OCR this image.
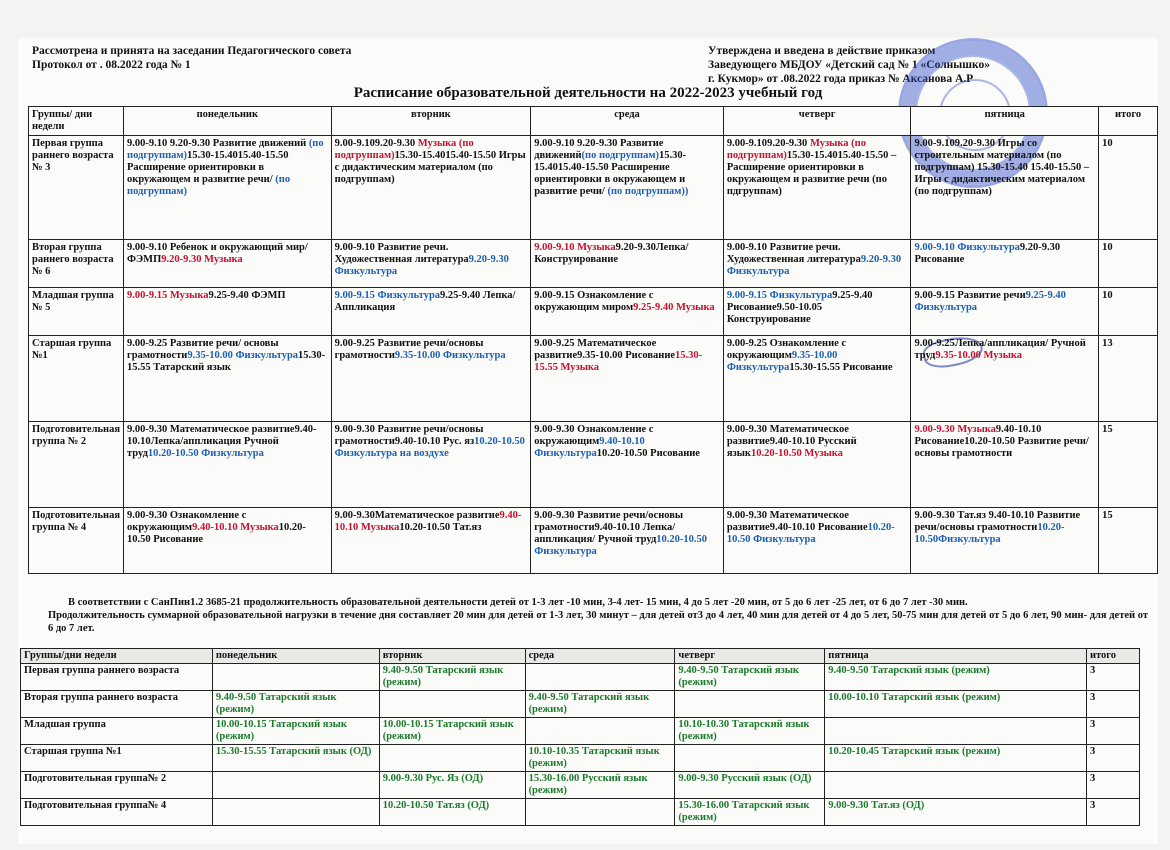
Рассмотрена и принята на заседании Педагогического совета
Протокол от . 08.2022 года № 1
Утверждена и введена в действие приказом
Заведующего МБДОУ «Детский сад № 1 «Солнышко»
г. Кукмор» от .08.2022 года приказ № Аксанова А.Р
Расписание образовательной деятельности на 2022-2023 учебный год
Группы/ дни недели	понедельник	вторник	среда	четверг	пятница	итого
Первая группа раннего возраста № 3	9.00-9.10 9.20-9.30 Развитие движений (по подгруппам)15.30-15.4015.40-15.50 Расширение ориентировки в окружающем и развитие речи/ (по подгруппам)	9.00-9.109.20-9.30 Музыка (по подгруппам)15.30-15.4015.40-15.50 Игры с дидактическим материалом (по подгруппам)	9.00-9.10 9.20-9.30 Развитие движений(по подгруппам)15.30-15.4015.40-15.50 Расширение ориентировки в окружающем и развитие речи/ (по подгруппам))	9.00-9.109.20-9.30 Музыка (по подгруппам)15.30-15.4015.40-15.50 – Расширение ориентировки в окружающем и развитие речи (по пдгруппам)	9.00-9.109.20-9.30 Игры со строительным материалом (по подгруппам) 15.30-15.40 15.40-15.50 –Игры с дидактическим материалом (по подгруппам)	10
Вторая группа раннего возраста № 6	9.00-9.10 Ребенок и окружающий мир/ ФЭМП9.20-9.30 Музыка	9.00-9.10 Развитие речи. Художественная литература9.20-9.30 Физкультура	9.00-9.10 Музыка9.20-9.30Лепка/Конструирование	9.00-9.10 Развитие речи. Художественная литература9.20-9.30 Физкультура	9.00-9.10 Физкультура9.20-9.30 Рисование	10
Младшая группа № 5	9.00-9.15 Музыка9.25-9.40 ФЭМП	9.00-9.15 Физкультура9.25-9.40 Лепка/Аппликация	9.00-9.15 Ознакомление с окружающим миром9.25-9.40 Музыка	9.00-9.15 Физкультура9.25-9.40 Рисование9.50-10.05 Конструирование	9.00-9.15 Развитие речи9.25-9.40 Физкультура	10
Старшая группа №1	9.00-9.25 Развитие речи/ основы грамотности9.35-10.00 Физкультура15.30-15.55 Татарский язык	9.00-9.25 Развитие речи/основы грамотности9.35-10.00 Физкультура	9.00-9.25 Математическое развитие9.35-10.00 Рисование15.30-15.55 Музыка	9.00-9.25 Ознакомление с окружающим9.35-10.00 Физкультура15.30-15.55 Рисование	9.00-9.25Лепка/аппликация/ Ручной труд9.35-10.00 Музыка	13
Подготовительная группа № 2	9.00-9.30 Математическое развитие9.40-10.10Лепка/аппликация Ручной труд10.20-10.50 Физкультура	9.00-9.30 Развитие речи/основы грамотности9.40-10.10 Рус. яз10.20-10.50 Физкультура на воздухе	9.00-9.30 Ознакомление с окружающим9.40-10.10 Физкультура10.20-10.50 Рисование	9.00-9.30 Математическое развитие9.40-10.10 Русский язык10.20-10.50 Музыка	9.00-9.30 Музыка9.40-10.10 Рисование10.20-10.50 Развитие речи/основы грамотности	15
Подготовительная группа № 4	9.00-9.30 Ознакомление с окружающим9.40-10.10 Музыка10.20-10.50 Рисование	9.00-9.30Математическое развитие9.40-10.10 Музыка10.20-10.50 Тат.яз	9.00-9.30 Развитие речи/основы грамотности9.40-10.10 Лепка/аппликация/ Ручной труд10.20-10.50 Физкультура	9.00-9.30 Математическое развитие9.40-10.10 Рисование10.20-10.50 Физкультура	9.00-9.30 Тат.яз 9.40-10.10 Развитие речи/основы грамотности10.20-10.50Физкультура	15
В соответствии с СанПин1.2 3685-21 продолжительность образовательной деятельности детей от 1-3 лет -10 мин, 3-4 лет- 15 мин, 4 до 5 лет -20 мин, от 5 до 6 лет -25 лет, от 6 до 7 лет -30 мин.
Продолжительность суммарной образовательной нагрузки в течение дня составляет 20 мин для детей от 1-3 лет, 30 минут – для детей от3 до 4 лет, 40 мин для детей от 4 до 5 лет, 50-75 мин для детей от 5 до 6 лет, 90 мин- для детей от 6 до 7 лет.
Группы/дни недели	понедельник	вторник	среда	четверг	пятница	итого
Первая группа раннего возраста		9.40-9.50 Татарский язык (режим)		9.40-9.50 Татарский язык (режим)	9.40-9.50 Татарский язык (режим)	3
Вторая группа раннего возраста	9.40-9.50 Татарский язык (режим)		9.40-9.50 Татарский язык (режим)		10.00-10.10 Татарский язык (режим)	3
Младшая группа	10.00-10.15 Татарский язык (режим)	10.00-10.15 Татарский язык (режим)		10.10-10.30 Татарский язык (режим)		3
Старшая группа №1	15.30-15.55 Татарский язык (ОД)		10.10-10.35 Татарский язык (режим)		10.20-10.45 Татарский язык (режим)	3
Подготовительная группа№ 2		9.00-9.30 Рус. Яз (ОД)	15.30-16.00 Русский язык (режим)	9.00-9.30 Русский язык (ОД)		3
Подготовительная группа№ 4		10.20-10.50 Тат.яз (ОД)		15.30-16.00 Татарский язык (режим)	9.00-9.30 Тат.яз (ОД)	3
